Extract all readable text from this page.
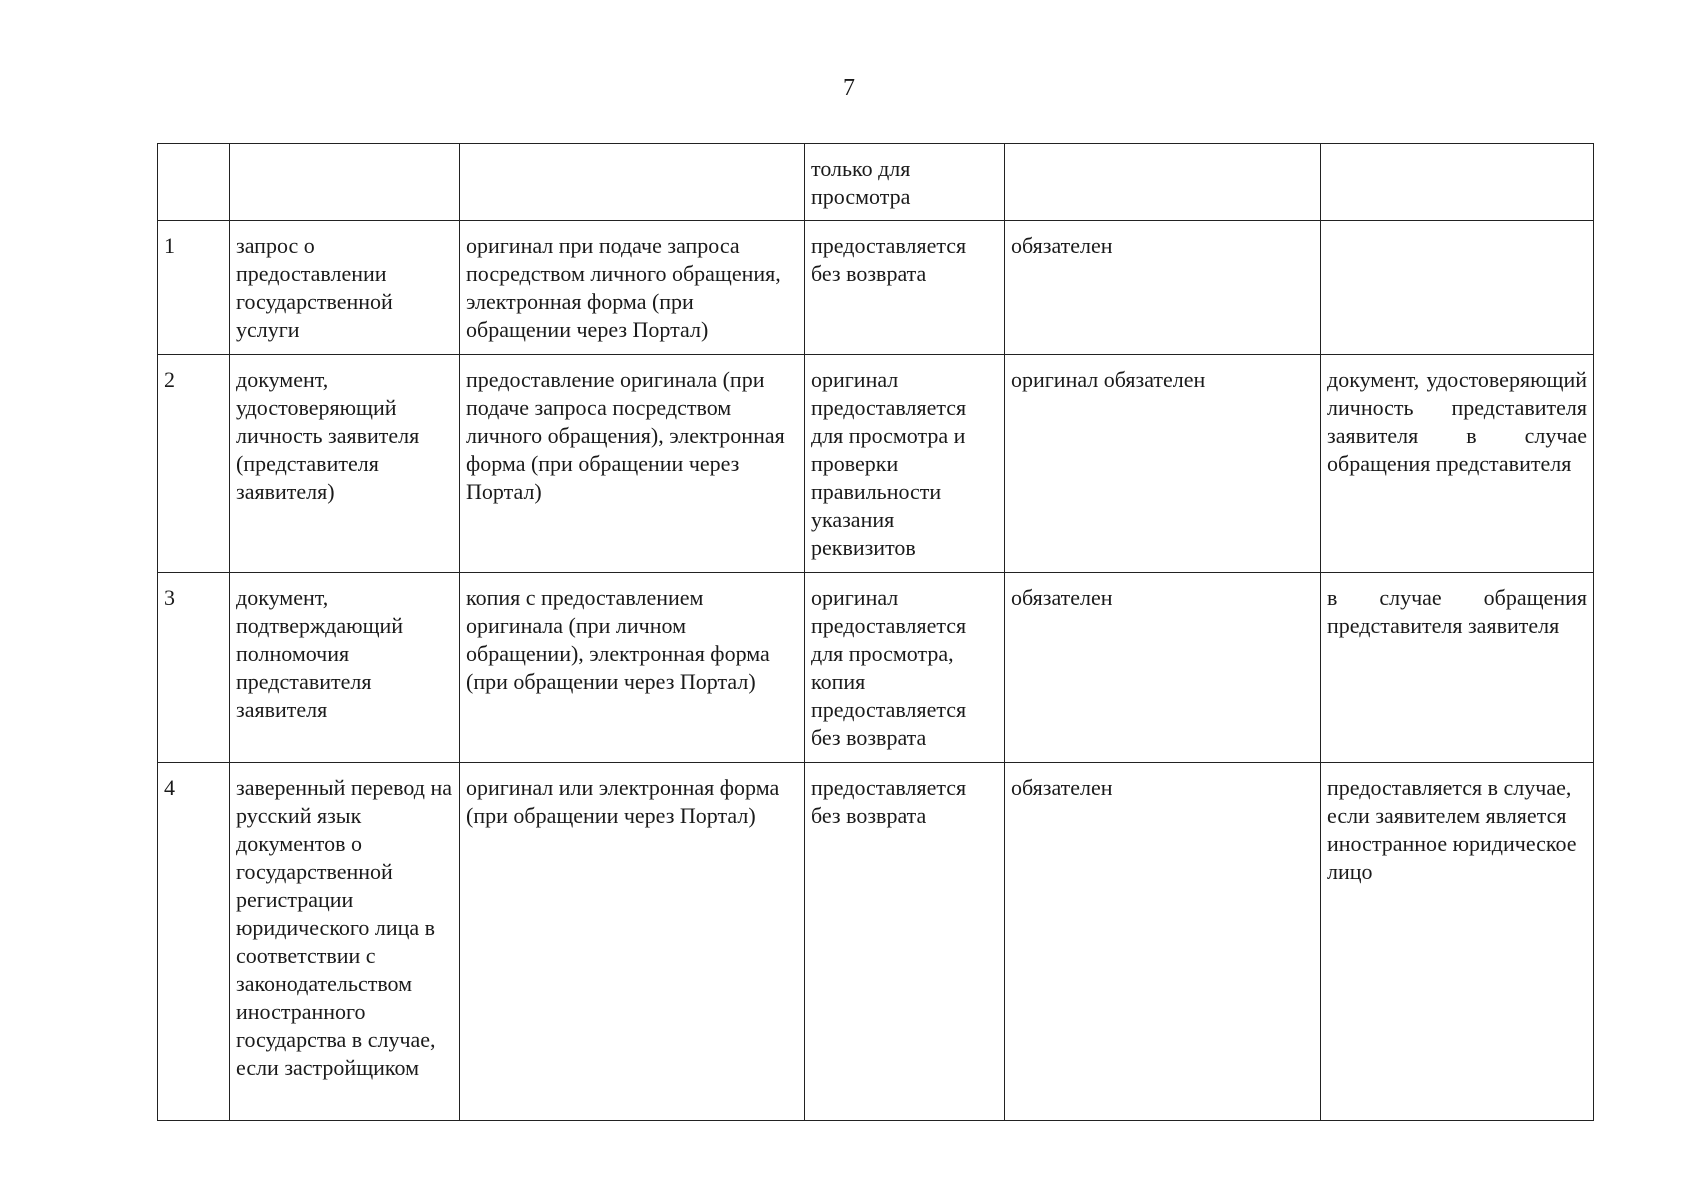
7
			только для просмотра		
1	запрос о предоставлении государственной услуги	оригинал при подаче запроса посредством личного обращения, электронная форма (при обращении через Портал)	предоставляется без возврата	обязателен	
2	документ, удостоверяющий личность заявителя (представителя заявителя)	предоставление оригинала (при подаче запроса посредством личного обращения), электронная форма (при обращении через Портал)	оригинал предоставляется для просмотра и проверки правильности указания реквизитов	оригинал обязателен	документ, удостоверяющий личность представителя заявителя в случае обращения представителя
3	документ, подтверждающий полномочия представителя заявителя	копия с предоставлением оригинала (при личном обращении), электронная форма (при обращении через Портал)	оригинал предоставляется для просмотра, копия предоставляется без возврата	обязателен	в случае обращения представителя заявителя
4	заверенный перевод на русский язык документов о государственной регистрации юридического лица в соответствии с законодательством иностранного государства в случае, если застройщиком	оригинал или электронная форма (при обращении через Портал)	предоставляется без возврата	обязателен	предоставляется в случае, если заявителем является иностранное юридическое лицо
